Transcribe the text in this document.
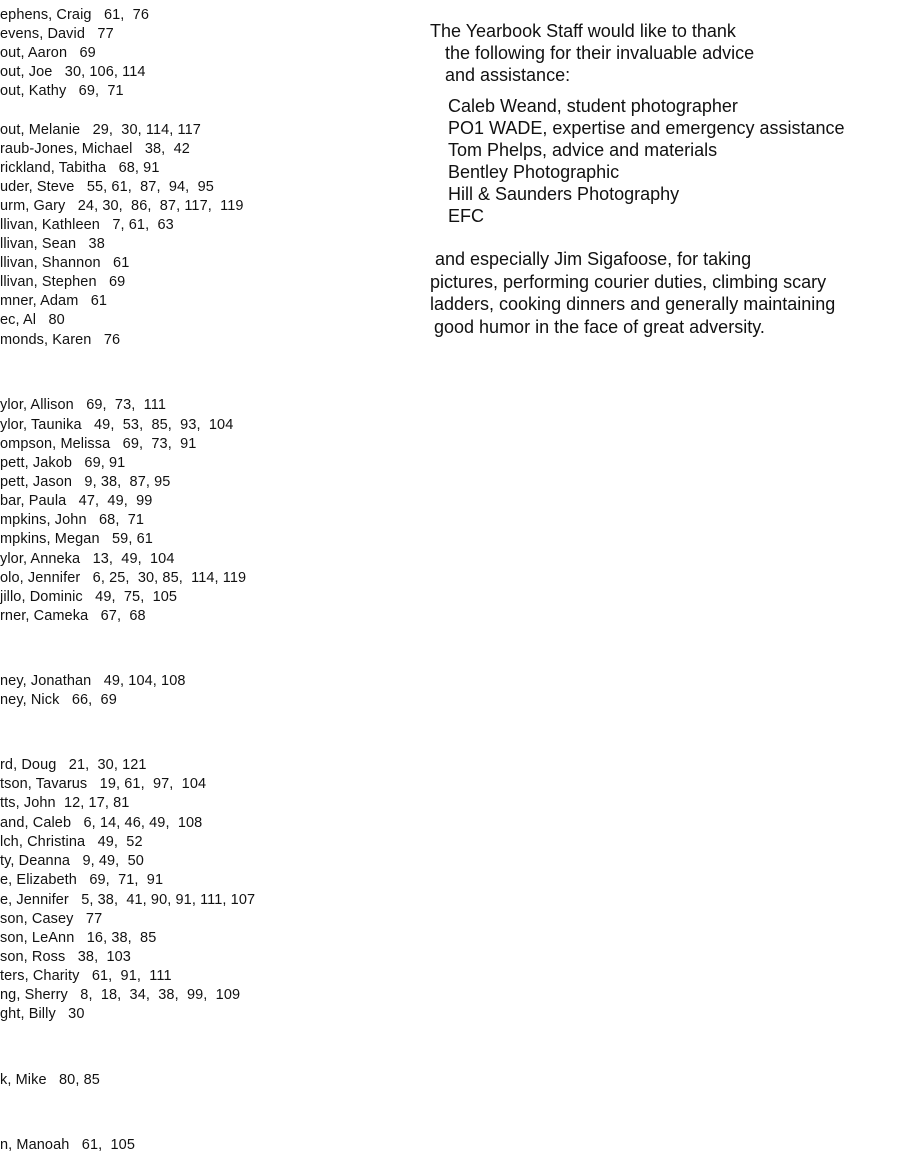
ephens, Craig   61,  76
evens, David   77
out, Aaron   69
out, Joe   30, 106, 114
out, Kathy   69,  71
out, Melanie   29,  30, 114, 117
raub-Jones, Michael   38,  42
rickland, Tabitha   68, 91
uder, Steve   55, 61,  87,  94,  95
urm, Gary   24, 30,  86,  87, 117,  119
llivan, Kathleen   7, 61,  63
llivan, Sean   38
llivan, Shannon   61
llivan, Stephen   69
mner, Adam   61
ec, Al   80
monds, Karen   76
ylor, Allison   69,  73,  111
ylor, Taunika   49,  53,  85,  93,  104
ompson, Melissa   69,  73,  91
pett, Jakob   69, 91
pett, Jason   9, 38,  87, 95
bar, Paula   47,  49,  99
mpkins, John   68,  71
mpkins, Megan   59, 61
ylor, Anneka   13,  49,  104
olo, Jennifer   6, 25,  30, 85,  114, 119
jillo, Dominic   49,  75,  105
rner, Cameka   67,  68
ney, Jonathan   49, 104, 108
ney, Nick   66,  69
rd, Doug   21,  30, 121
tson, Tavarus   19, 61,  97,  104
tts, John  12, 17, 81
and, Caleb   6, 14, 46, 49,  108
lch, Christina   49,  52
ty, Deanna   9, 49,  50
e, Elizabeth   69,  71,  91
e, Jennifer   5, 38,  41, 90, 91, 111, 107
son, Casey   77
son, LeAnn   16, 38,  85
son, Ross   38,  103
ters, Charity   61,  91,  111
ng, Sherry   8,  18,  34,  38,  99,  109
ght, Billy   30
k, Mike   80, 85
n, Manoah   61,  105
The Yearbook Staff would like to thank
the following for their invaluable advice
and assistance:
Caleb Weand, student photographer
PO1 WADE, expertise and emergency assistance
Tom Phelps, advice and materials
Bentley Photographic
Hill & Saunders Photography
EFC
and especially Jim Sigafoose, for taking
pictures, performing courier duties, climbing scary
ladders, cooking dinners and generally maintaining
good humor in the face of great adversity.
